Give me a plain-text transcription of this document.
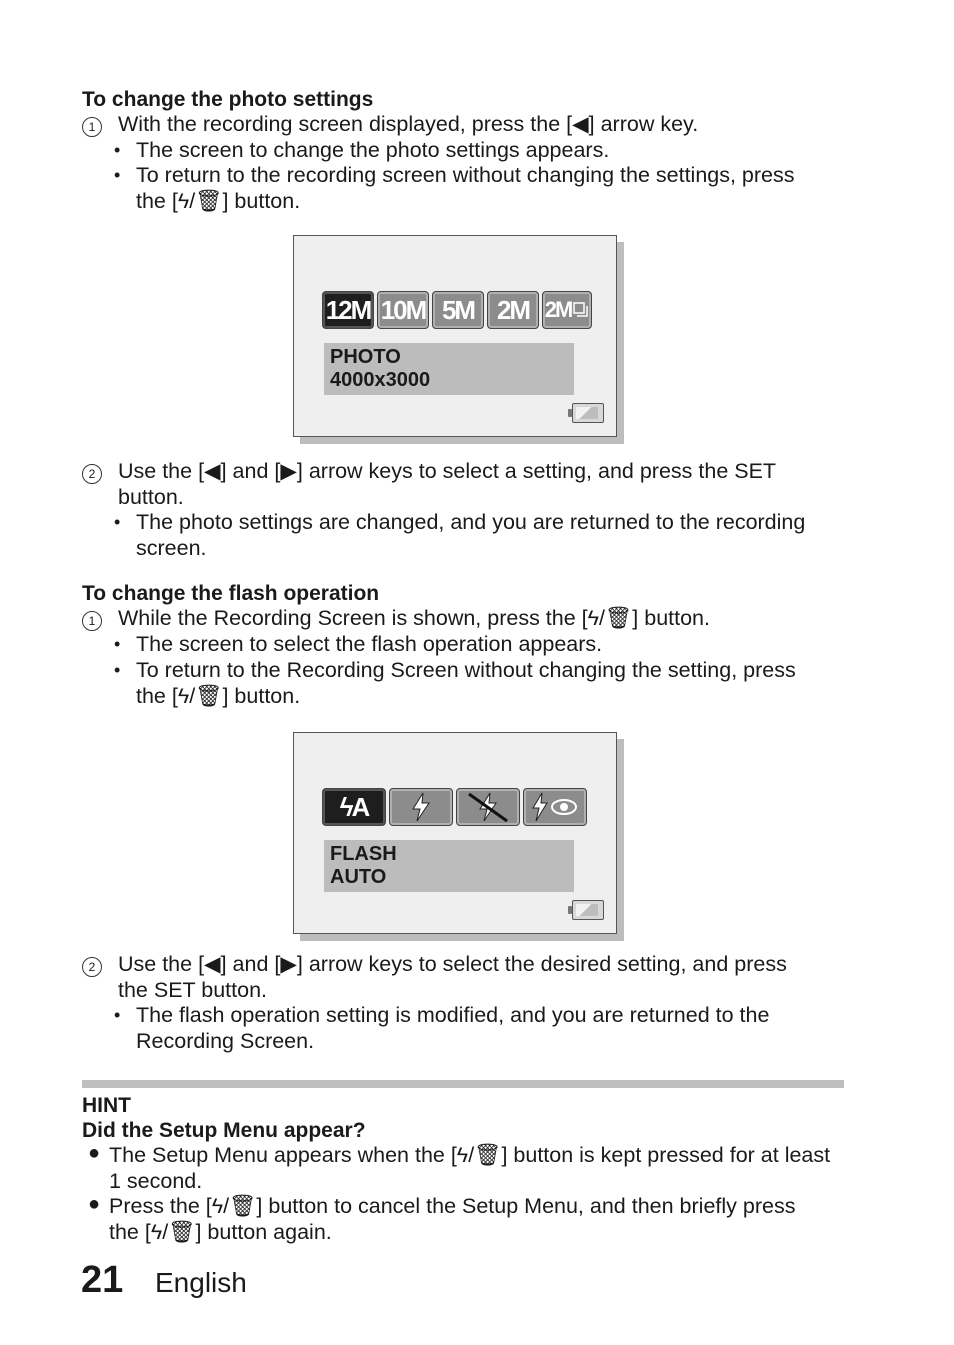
To change the photo settings
1	With the recording screen displayed, press the [◀] arrow key.
• The screen to change the photo settings appears.
• To return to the recording screen without changing the settings, press
the [ϟ/🗑] button.
12M 10M 5M 2M 2M
PHOTO
4000x3000
2	Use the [◀] and [▶] arrow keys to select a setting, and press the SET
button.
• The photo settings are changed, and you are returned to the recording
screen.
To change the flash operation
1	While the Recording Screen is shown, press the [ϟ/🗑] button.
• The screen to select the flash operation appears.
• To return to the Recording Screen without changing the setting, press
the [ϟ/🗑] button.
ϟA
FLASH
AUTO
2	Use the [◀] and [▶] arrow keys to select the desired setting, and press
the SET button.
• The flash operation setting is modified, and you are returned to the
Recording Screen.
HINT
Did the Setup Menu appear?
● The Setup Menu appears when the [ϟ/🗑] button is kept pressed for at least
1 second.
● Press the [ϟ/🗑] button to cancel the Setup Menu, and then briefly press
the [ϟ/🗑] button again.
21 English
